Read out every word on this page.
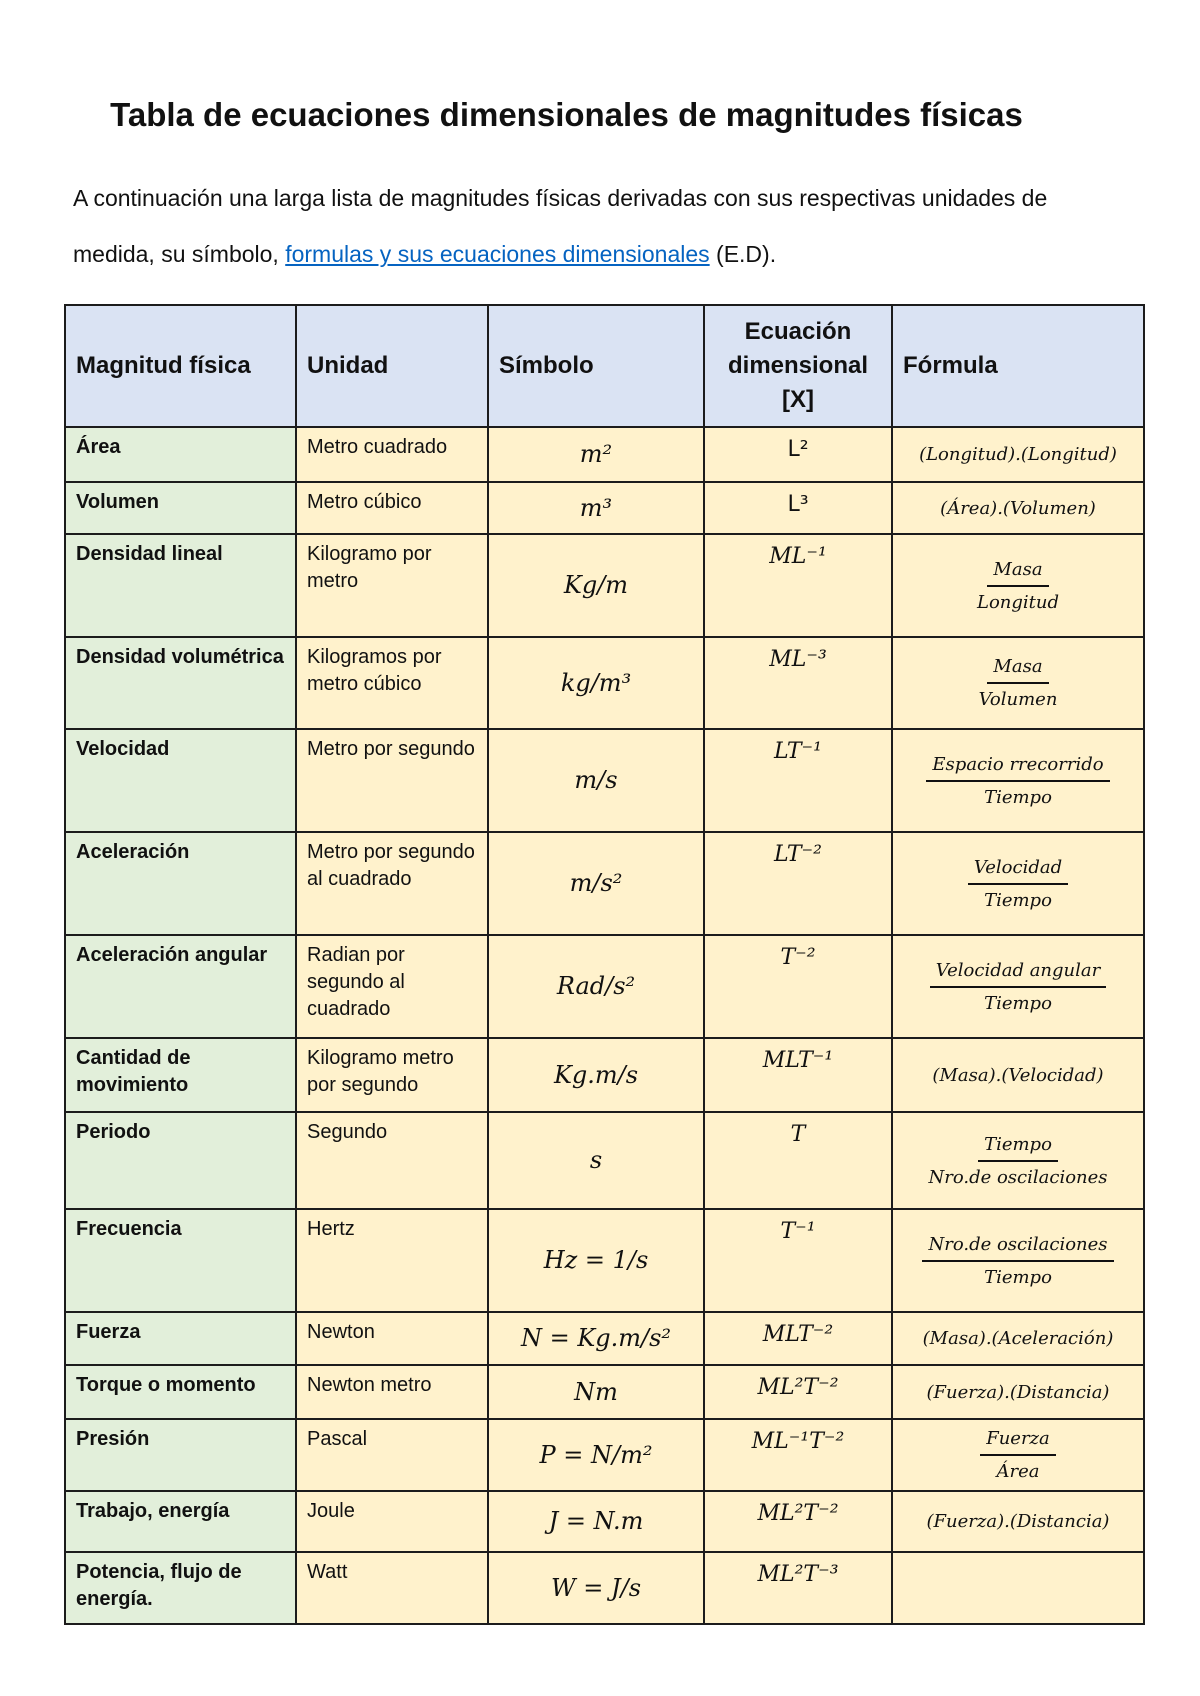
Tabla de ecuaciones dimensionales de magnitudes físicas
A continuación una larga lista de magnitudes físicas derivadas con sus respectivas unidades de medida, su símbolo, formulas y sus ecuaciones dimensionales (E.D).
Magnitud física	Unidad	Símbolo	Ecuación dimensional [X]	Fórmula
Área	Metro cuadrado	m²	L²	(Longitud).(Longitud)
Volumen	Metro cúbico	m³	L³	(Área).(Volumen)
Densidad lineal	Kilogramo por metro	Kg/m	ML⁻¹	$\frac{\text{Masa}}{\text{Longitud}}$

Densidad volumétrica	Kilogramos por metro cúbico	kg/m³	ML⁻³	$\frac{\text{Masa}}{\text{Volumen}}$

Velocidad	Metro por segundo	m/s	LT⁻¹	$\frac{\text{Espacio rrecorrido}}{\text{Tiempo}}$

Aceleración	Metro por segundo al cuadrado	m/s²	LT⁻²	$\frac{\text{Velocidad}}{\text{Tiempo}}$

Aceleración angular	Radian por segundo al cuadrado	Rad/s²	T⁻²	$\frac{\text{Velocidad angular}}{\text{Tiempo}}$

Cantidad de movimiento	Kilogramo metro por segundo	Kg.m/s	MLT⁻¹	(Masa).(Velocidad)
Periodo	Segundo	s	T	$\frac{\text{Tiempo}}{\text{Nro.de oscilaciones}}$

Frecuencia	Hertz	Hz = 1/s	T⁻¹	$\frac{\text{Nro.de oscilaciones}}{\text{Tiempo}}$

Fuerza	Newton	N = Kg.m/s²	MLT⁻²	(Masa).(Aceleración)
Torque o momento	Newton metro	Nm	ML²T⁻²	(Fuerza).(Distancia)
Presión	Pascal	P = N/m²	ML⁻¹T⁻²	$\frac{\text{Fuerza}}{\text{Área}}$

Trabajo, energía	Joule	J = N.m	ML²T⁻²	(Fuerza).(Distancia)
Potencia, flujo de energía.	Watt	W = J/s	ML²T⁻³	
